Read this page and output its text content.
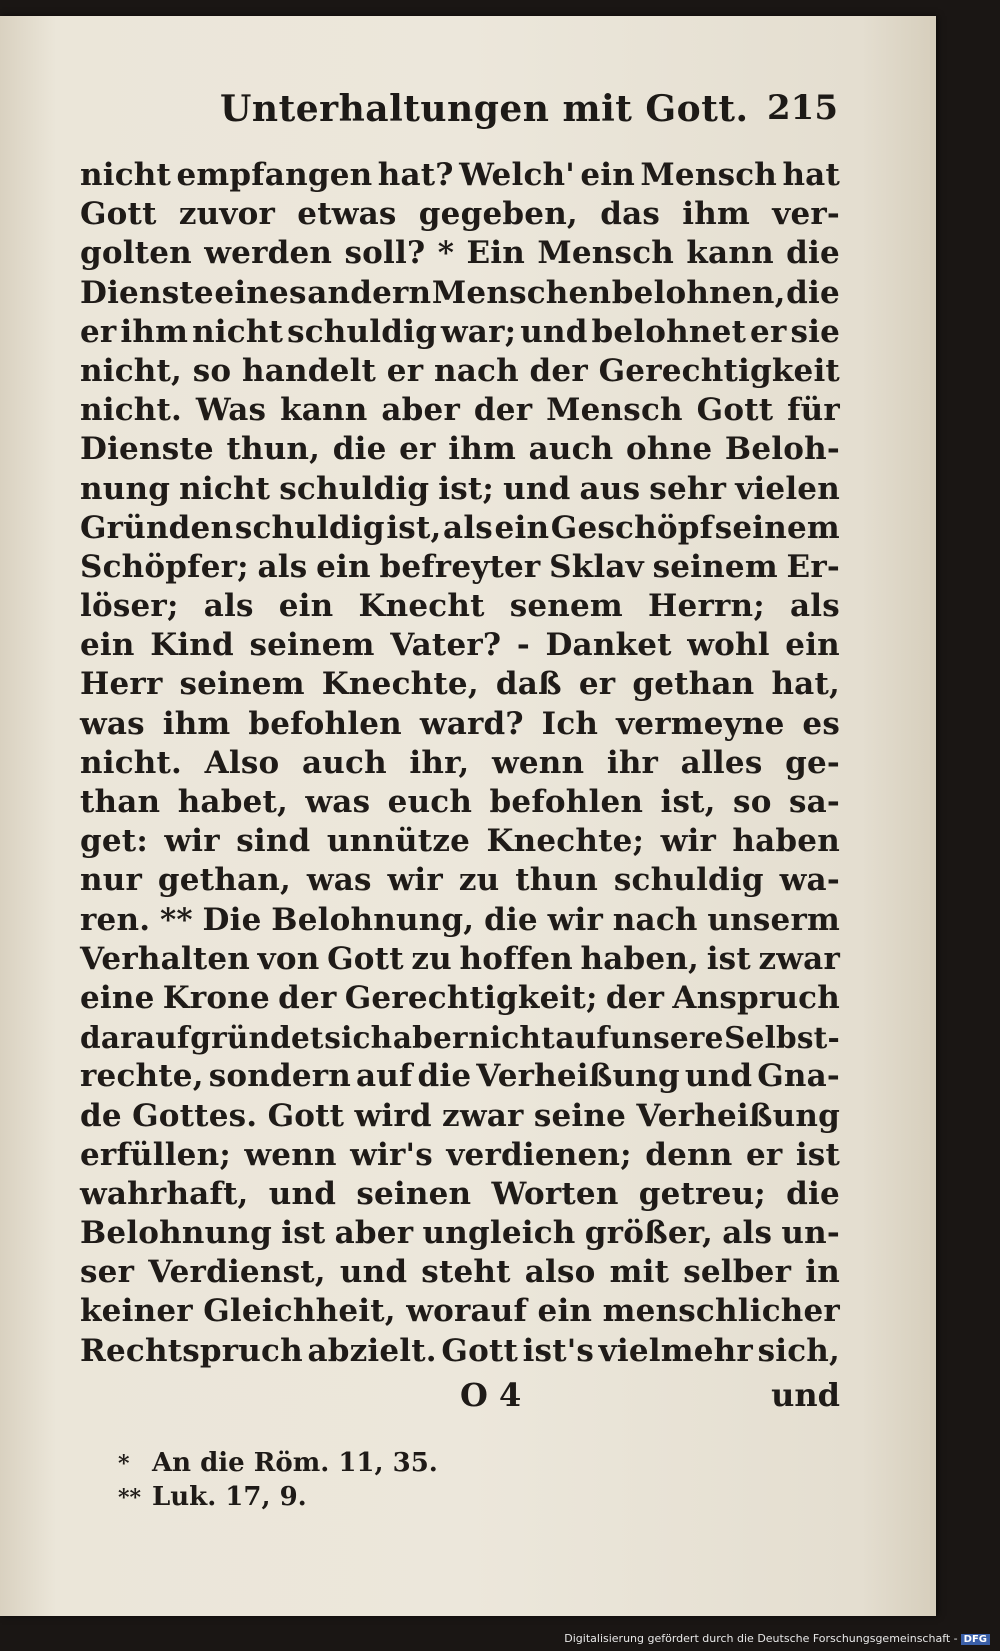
Unterhaltungen mit Gott. 215
nicht empfangen hat? Welch' ein Mensch hat
Gott zuvor etwas gegeben, das ihm ver-
golten werden soll? * Ein Mensch kann die
Dienste eines andern Menschen belohnen, die
er ihm nicht schuldig war; und belohnet er sie
nicht, so handelt er nach der Gerechtigkeit
nicht. Was kann aber der Mensch Gott für
Dienste thun, die er ihm auch ohne Beloh-
nung nicht schuldig ist; und aus sehr vielen
Gründen schuldig ist, als ein Geschöpf seinem
Schöpfer; als ein befreyter Sklav seinem Er-
löser; als ein Knecht senem Herrn; als
ein Kind seinem Vater? - Danket wohl ein
Herr seinem Knechte, daß er gethan hat,
was ihm befohlen ward? Ich vermeyne es
nicht. Also auch ihr, wenn ihr alles ge-
than habet, was euch befohlen ist, so sa-
get: wir sind unnütze Knechte; wir haben
nur gethan, was wir zu thun schuldig wa-
ren. ** Die Belohnung, die wir nach unserm
Verhalten von Gott zu hoffen haben, ist zwar
eine Krone der Gerechtigkeit; der Anspruch
darauf gründet sich aber nicht auf unsere Selbst-
rechte, sondern auf die Verheißung und Gna-
de Gottes. Gott wird zwar seine Verheißung
erfüllen; wenn wir's verdienen; denn er ist
wahrhaft, und seinen Worten getreu; die
Belohnung ist aber ungleich größer, als un-
ser Verdienst, und steht also mit selber in
keiner Gleichheit, worauf ein menschlicher
Rechtspruch abzielt. Gott ist's vielmehr sich,
O 4	und
* An die Röm. 11, 35.
** Luk. 17, 9.
Digitalisierung gefördert durch die Deutsche Forschungsgemeinschaft - DFG
